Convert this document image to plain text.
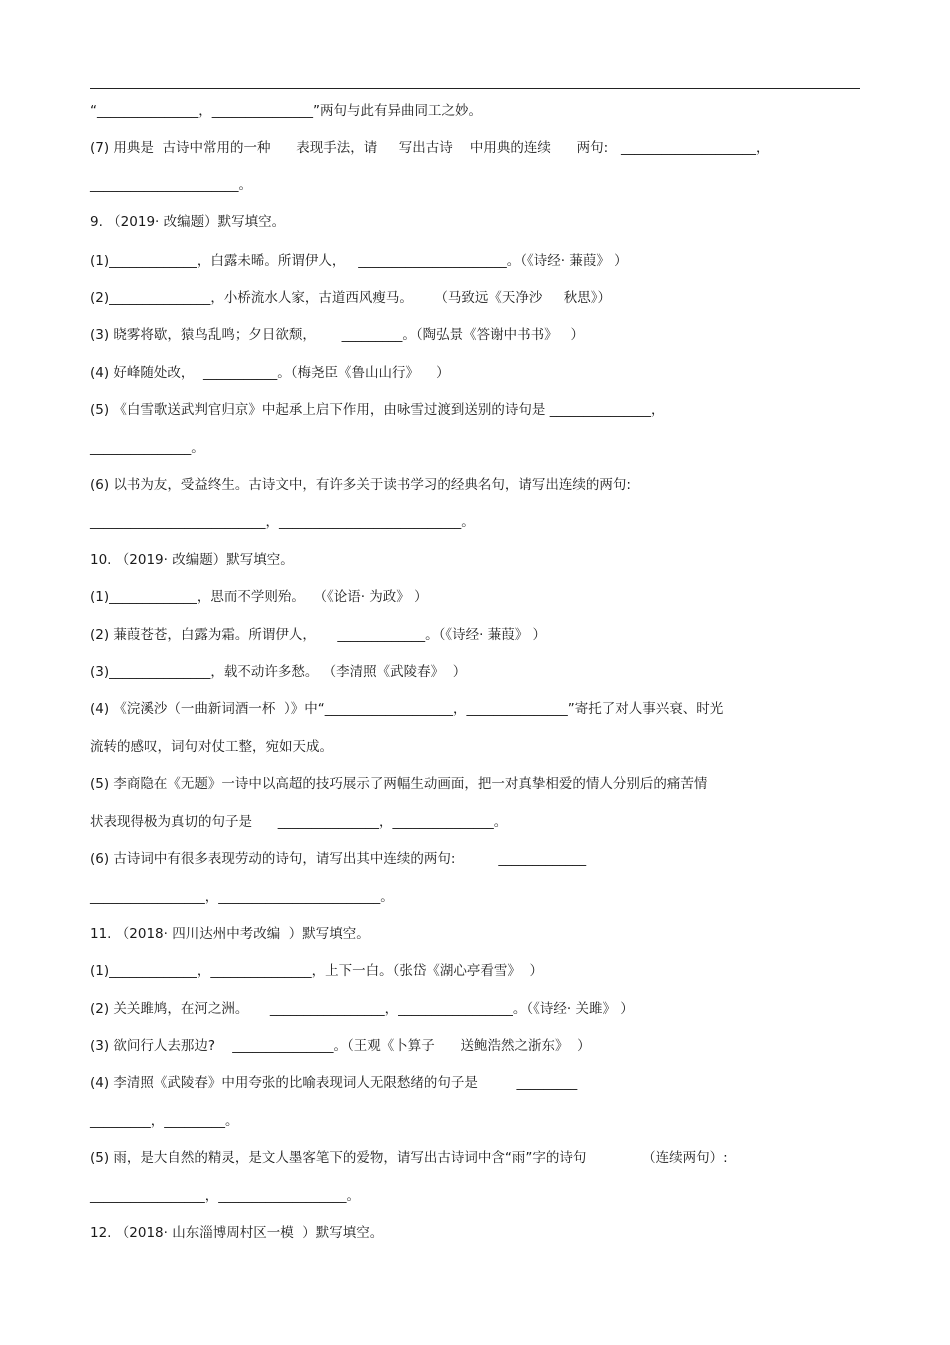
“_______________，_______________”两句与此有异曲同工之妙。
(7) 用典是  古诗中常用的一种      表现手法，请     写出古诗    中用典的连续      两句:   ____________________，
______________________。
9. （2019· 改编题）默写填空。
(1)_____________，白露未晞。所谓伊人，   ______________________。（《诗经· 蒹葭》 ）
(2)_______________，小桥流水人家，古道西风瘦马。     （马致远《天净沙     秋思》）
(3) 晓雾将歇，猿鸟乱鸣；夕日欲颓，      _________。（陶弘景《答谢中书书》   ）
(4) 好峰随处改，  ___________。（梅尧臣《鲁山山行》    ）
(5) 《白雪歌送武判官归京》中起承上启下作用，由咏雪过渡到送别的诗句是 _______________，
_______________。
(6) 以书为友，受益终生。古诗文中，有许多关于读书学习的经典名句，请写出连续的两句:
__________________________，___________________________。
10. （2019· 改编题）默写填空。
(1)_____________，思而不学则殆。  （《论语· 为政》 ）
(2) 蒹葭苍苍，白露为霜。所谓伊人，     _____________。（《诗经· 蒹葭》 ）
(3)_______________，载不动许多愁。 （李清照《武陵春》  ）
(4) 《浣溪沙（一曲新词酒一杯  ）》中“___________________，_______________”寄托了对人事兴衰、时光
流转的感叹，词句对仗工整，宛如天成。
(5) 李商隐在《无题》一诗中以高超的技巧展示了两幅生动画面，把一对真挚相爱的情人分别后的痛苦情
状表现得极为真切的句子是      _______________，_______________。
(6) 古诗词中有很多表现劳动的诗句，请写出其中连续的两句:          _____________
_________________，________________________。
11. （2018· 四川达州中考改编  ）默写填空。
(1)_____________，_______________，上下一白。（张岱《湖心亭看雪》  ）
(2) 关关雎鸠，在河之洲。     _________________，_________________。（《诗经· 关雎》 ）
(3) 欲问行人去那边?    _______________。（王观《卜算子      送鲍浩然之浙东》  ）
(4) 李清照《武陵春》中用夸张的比喻表现词人无限愁绪的句子是         _________
_________，_________。
(5) 雨，是大自然的精灵，是文人墨客笔下的爱物，请写出古诗词中含“雨”字的诗句             （连续两句）:
_________________，___________________。
12. （2018· 山东淄博周村区一模  ）默写填空。
